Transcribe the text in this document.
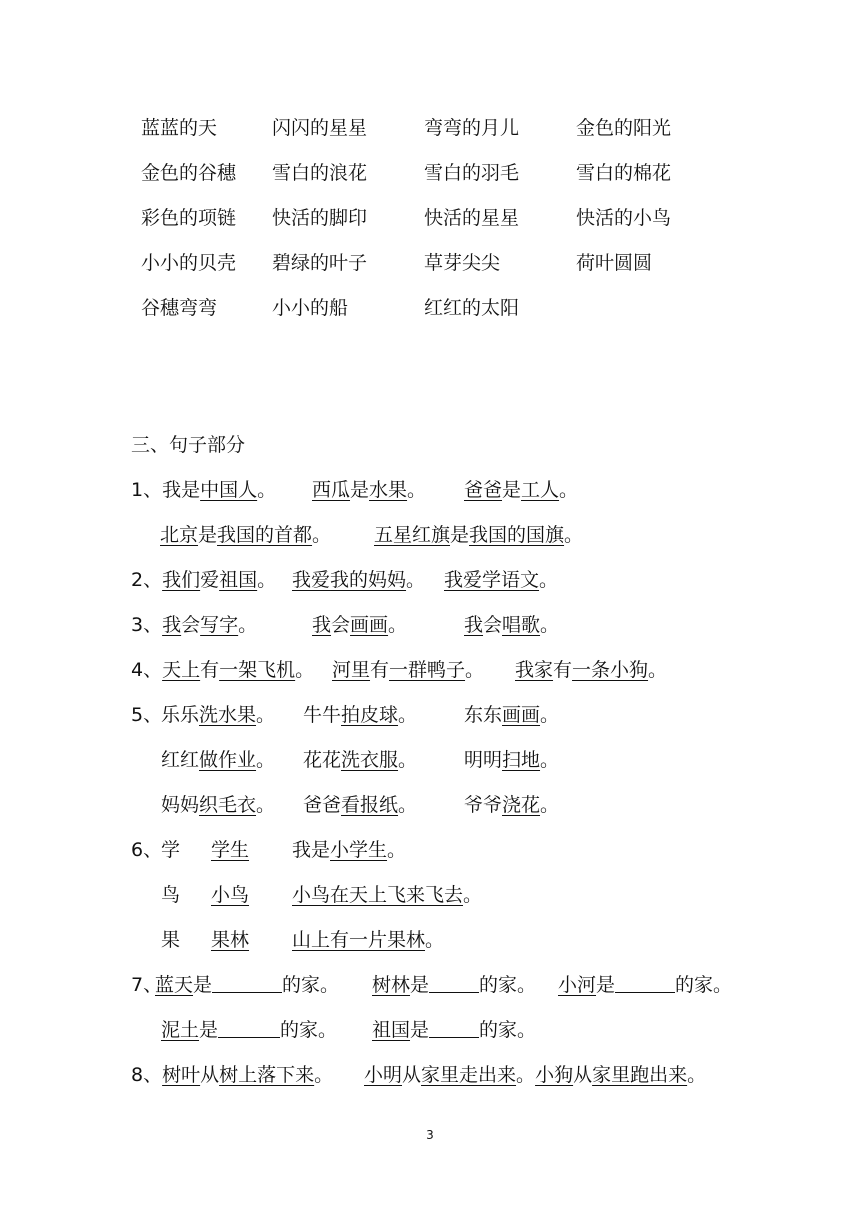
蓝蓝的天	闪闪的星星	弯弯的月儿	金色的阳光
金色的谷穗 雪白的浪花	雪白的羽毛	雪白的棉花
彩色的项链 快活的脚印	快活的星星	快活的小鸟
小小的贝壳 碧绿的叶子	草芽尖尖	荷叶圆圆
谷穗弯弯	小小的船	红红的太阳
三、句子部分
1、我是中国人。 西瓜是水果。 爸爸是工人。
北京是我国的首都。 五星红旗是我国的国旗。
2、我们爱祖国。 我爱我的妈妈。 我爱学语文。
3、我会写字。	我会画画。	我会唱歌。
4、天上有一架飞机。 河里有一群鸭子。 我家有一条小狗。
5、
乐乐洗水果。 牛牛拍皮球。 东东画画。
红红做作业。 花花洗衣服。 明明扫地。
妈妈织毛衣。 爸爸看报纸。 爷爷浇花。
6、
学 学生 我是小学生。
鸟 小鸟	小鸟在天上飞来飞去。
果 果林 山上有一片果林。
7、
蓝天是	的家。 树林是	的家。 小河是	的家。
泥土是	的家。 祖国是	的家。
8、树叶从树上落下来。 小明从家里走出来。小狗从家里跑出来。
3
